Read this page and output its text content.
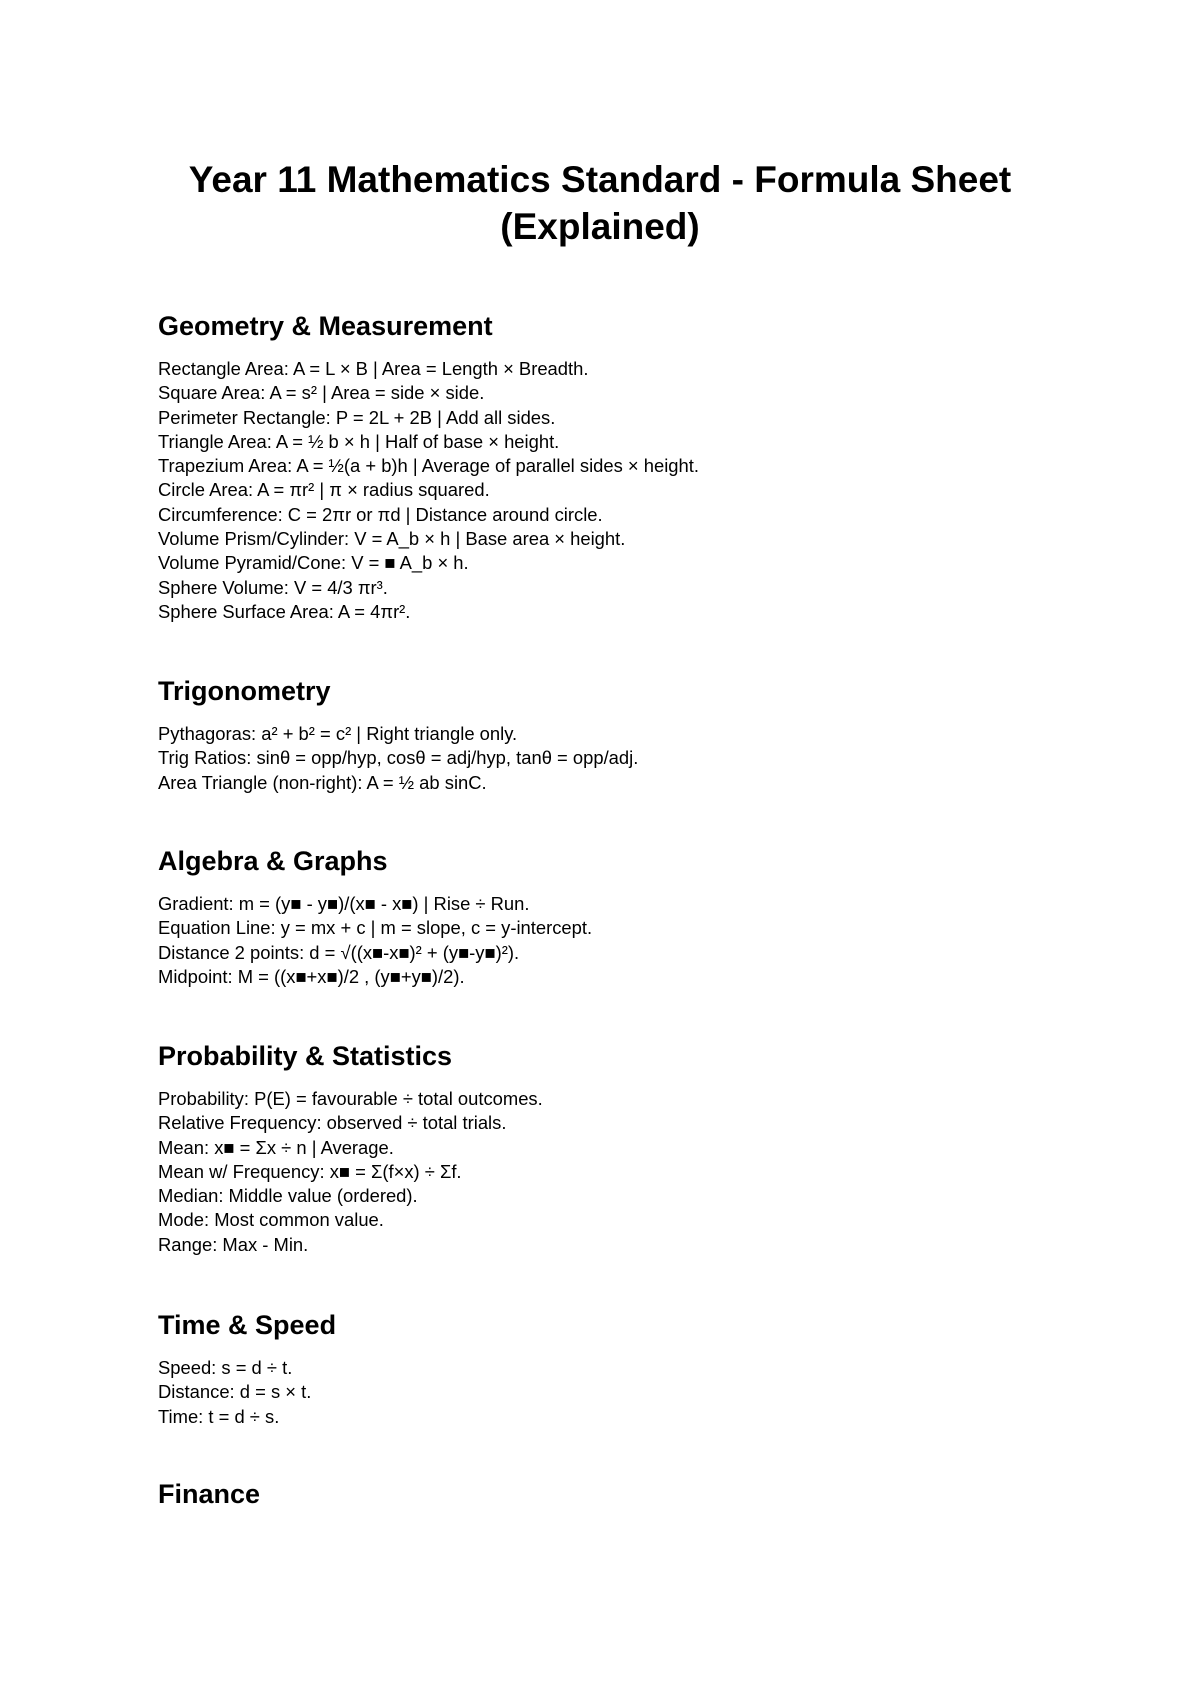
Year 11 Mathematics Standard - Formula Sheet (Explained)
Geometry & Measurement
Rectangle Area: A = L × B | Area = Length × Breadth.
Square Area: A = s² | Area = side × side.
Perimeter Rectangle: P = 2L + 2B | Add all sides.
Triangle Area: A = ½ b × h | Half of base × height.
Trapezium Area: A = ½(a + b)h | Average of parallel sides × height.
Circle Area: A = πr² | π × radius squared.
Circumference: C = 2πr or πd | Distance around circle.
Volume Prism/Cylinder: V = A_b × h | Base area × height.
Volume Pyramid/Cone: V = ■ A_b × h.
Sphere Volume: V = 4/3 πr³.
Sphere Surface Area: A = 4πr².
Trigonometry
Pythagoras: a² + b² = c² | Right triangle only.
Trig Ratios: sinθ = opp/hyp, cosθ = adj/hyp, tanθ = opp/adj.
Area Triangle (non-right): A = ½ ab sinC.
Algebra & Graphs
Gradient: m = (y■ - y■)/(x■ - x■) | Rise ÷ Run.
Equation Line: y = mx + c | m = slope, c = y-intercept.
Distance 2 points: d = √((x■-x■)² + (y■-y■)²).
Midpoint: M = ((x■+x■)/2 , (y■+y■)/2).
Probability & Statistics
Probability: P(E) = favourable ÷ total outcomes.
Relative Frequency: observed ÷ total trials.
Mean: x■ = Σx ÷ n | Average.
Mean w/ Frequency: x■ = Σ(f×x) ÷ Σf.
Median: Middle value (ordered).
Mode: Most common value.
Range: Max - Min.
Time & Speed
Speed: s = d ÷ t.
Distance: d = s × t.
Time: t = d ÷ s.
Finance
